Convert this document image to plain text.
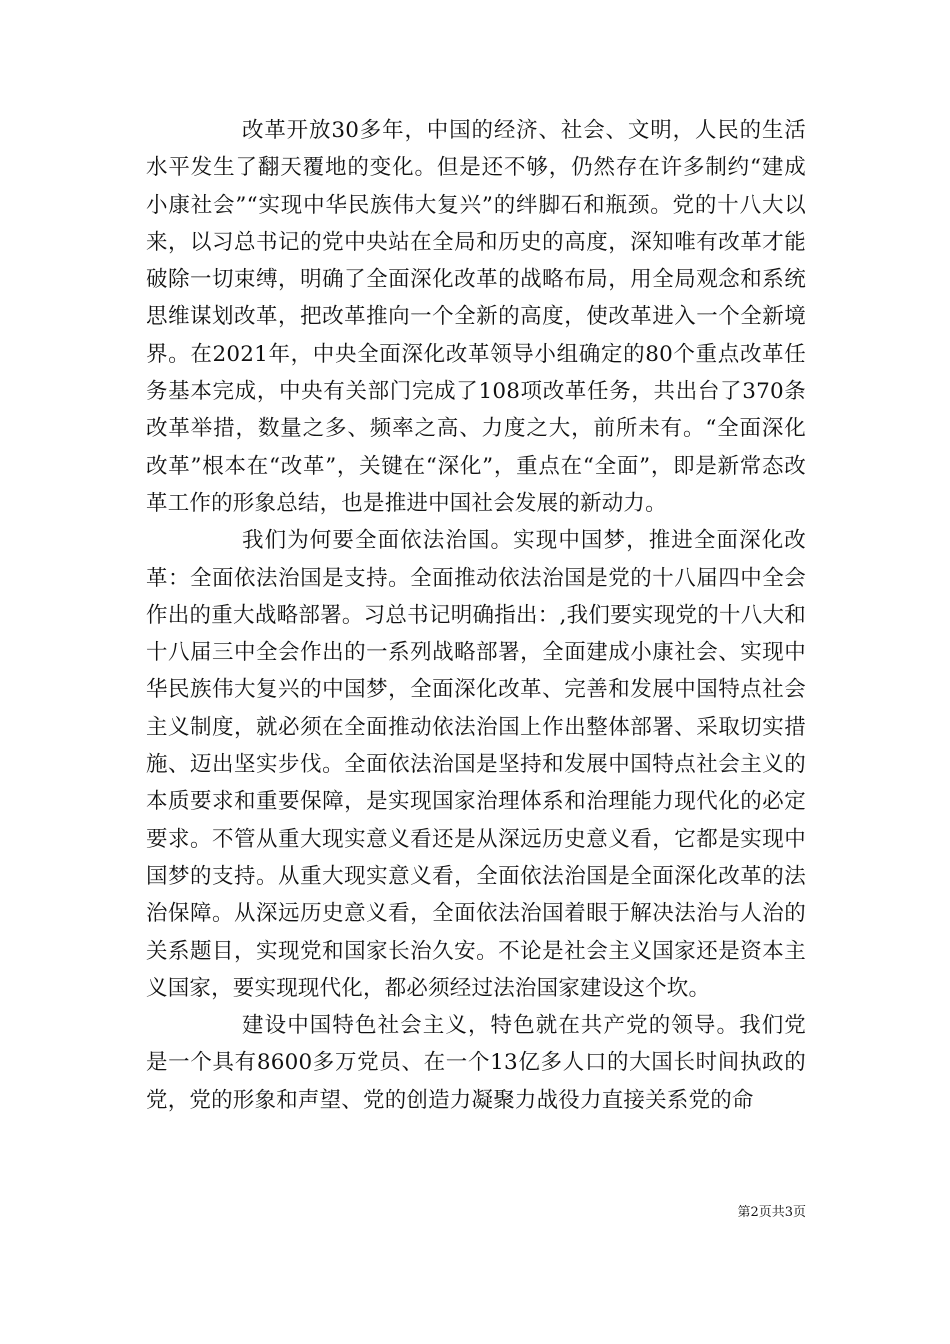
改革开放30多年，中国的经济、社会、文明，人民的生活水平发生了翻天覆地的变化。但是还不够，仍然存在许多制约“建成小康社会”“实现中华民族伟大复兴”的绊脚石和瓶颈。党的十八大以来，以习总书记的党中央站在全局和历史的高度，深知唯有改革才能破除一切束缚，明确了全面深化改革的战略布局，用全局观念和系统思维谋划改革，把改革推向一个全新的高度，使改革进入一个全新境界。在2021年，中央全面深化改革领导小组确定的80个重点改革任务基本完成，中央有关部门完成了108项改革任务，共出台了370条改革举措，数量之多、频率之高、力度之大，前所未有。“全面深化改革”根本在“改革”，关键在“深化”，重点在“全面”，即是新常态改革工作的形象总结，也是推进中国社会发展的新动力。

我们为何要全面依法治国。实现中国梦，推进全面深化改革：全面依法治国是支持。全面推动依法治国是党的十八届四中全会作出的重大战略部署。习总书记明确指出：,我们要实现党的十八大和十八届三中全会作出的一系列战略部署，全面建成小康社会、实现中华民族伟大复兴的中国梦，全面深化改革、完善和发展中国特点社会主义制度，就必须在全面推动依法治国上作出整体部署、采取切实措施、迈出坚实步伐。全面依法治国是坚持和发展中国特点社会主义的本质要求和重要保障，是实现国家治理体系和治理能力现代化的必定要求。不管从重大现实意义看还是从深远历史意义看，它都是实现中国梦的支持。从重大现实意义看，全面依法治国是全面深化改革的法治保障。从深远历史意义看，全面依法治国着眼于解决法治与人治的关系题目，实现党和国家长治久安。不论是社会主义国家还是资本主义国家，要实现现代化，都必须经过法治国家建设这个坎。

建设中国特色社会主义，特色就在共产党的领导。我们党是一个具有8600多万党员、在一个13亿多人口的大国长时间执政的党，党的形象和声望、党的创造力凝聚力战役力直接关系党的命

第2页共3页
